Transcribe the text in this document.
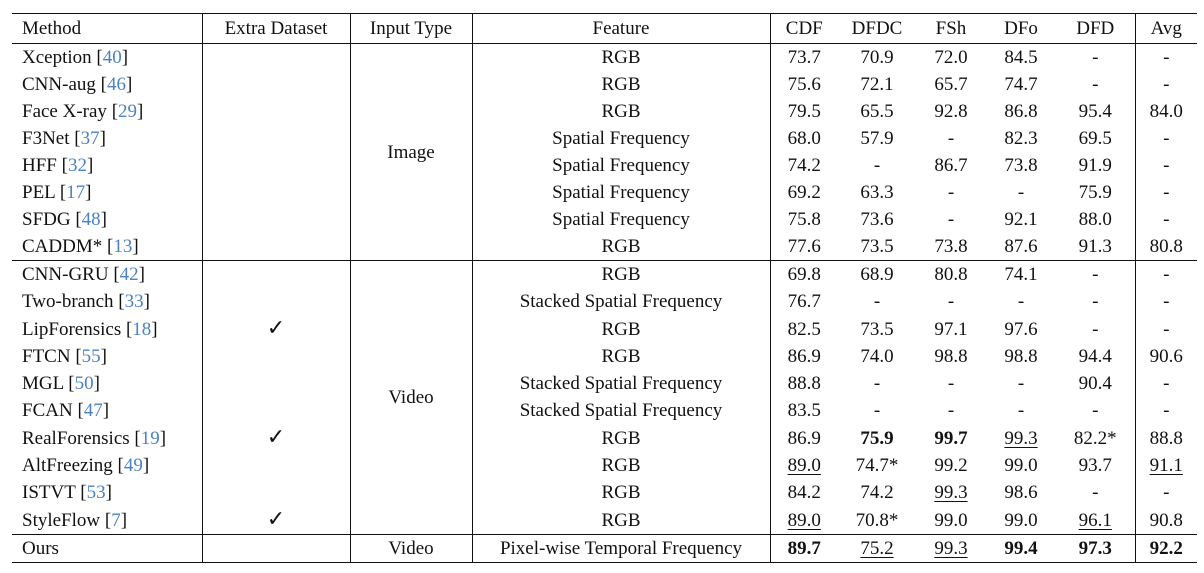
Method	Extra Dataset	Input Type	Feature	CDF	DFDC	FSh	DFo	DFD	Avg
Xception [40]		Image	RGB	73.7	70.9	72.0	84.5	-	-
CNN-aug [46]			RGB	75.6	72.1	65.7	74.7	-	-
Face X-ray [29]			RGB	79.5	65.5	92.8	86.8	95.4	84.0
F3Net [37]			Spatial Frequency	68.0	57.9	-	82.3	69.5	-
HFF [32]			Spatial Frequency	74.2	-	86.7	73.8	91.9	-
PEL [17]			Spatial Frequency	69.2	63.3	-	-	75.9	-
SFDG [48]			Spatial Frequency	75.8	73.6	-	92.1	88.0	-
CADDM* [13]			RGB	77.6	73.5	73.8	87.6	91.3	80.8
CNN-GRU [42]		Video	RGB	69.8	68.9	80.8	74.1	-	-
Two-branch [33]			Stacked Spatial Frequency	76.7	-	-	-	-	-
LipForensics [18]	✓		RGB	82.5	73.5	97.1	97.6	-	-
FTCN [55]			RGB	86.9	74.0	98.8	98.8	94.4	90.6
MGL [50]			Stacked Spatial Frequency	88.8	-	-	-	90.4	-
FCAN [47]			Stacked Spatial Frequency	83.5	-	-	-	-	-
RealForensics [19]	✓		RGB	86.9	75.9	99.7	99.3	82.2*	88.8
AltFreezing [49]			RGB	89.0	74.7*	99.2	99.0	93.7	91.1
ISTVT [53]			RGB	84.2	74.2	99.3	98.6	-	-
StyleFlow [7]	✓		RGB	89.0	70.8*	99.0	99.0	96.1	90.8
Ours		Video	Pixel-wise Temporal Frequency	89.7	75.2	99.3	99.4	97.3	92.2
